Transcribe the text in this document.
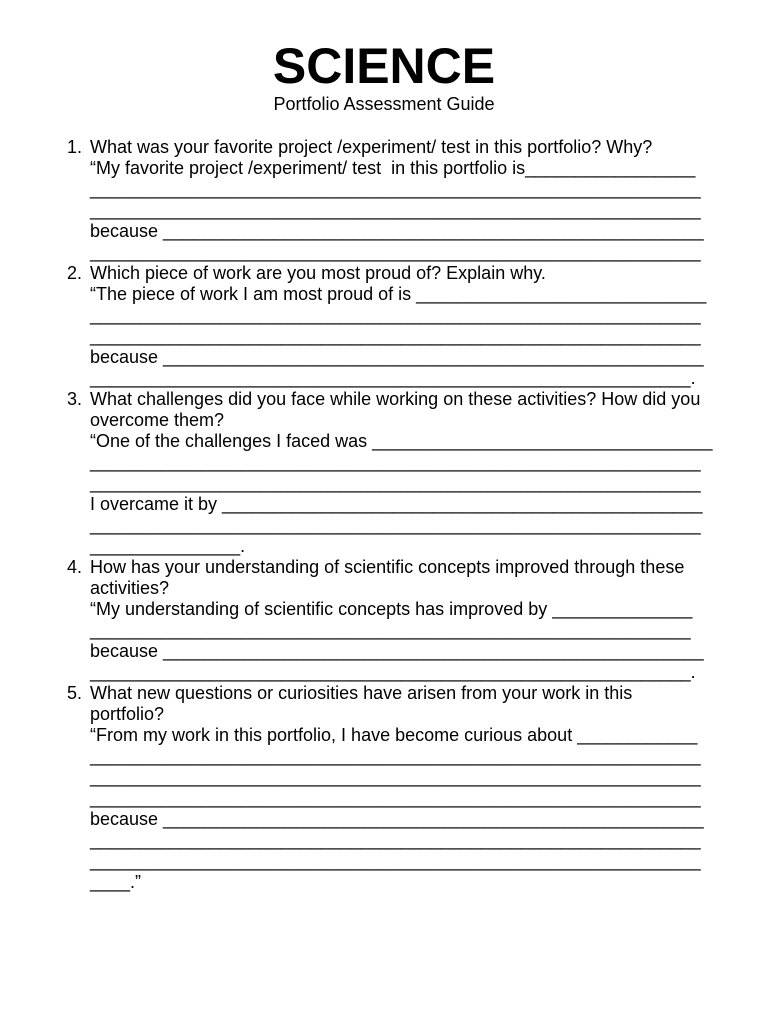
SCIENCE
Portfolio Assessment Guide
1. What was your favorite project /experiment/ test in this portfolio? Why?
“My favorite project /experiment/ test  in this portfolio is_________________
_____________________________________________________________
_____________________________________________________________
because ______________________________________________________
_____________________________________________________________
2. Which piece of work are you most proud of? Explain why.
“The piece of work I am most proud of is _____________________________
_____________________________________________________________
_____________________________________________________________
because ______________________________________________________
____________________________________________________________.
3. What challenges did you face while working on these activities? How did you
overcome them?
“One of the challenges I faced was __________________________________
_____________________________________________________________
_____________________________________________________________
I overcame it by ________________________________________________
_____________________________________________________________
_______________.
4. How has your understanding of scientific concepts improved through these
activities?
“My understanding of scientific concepts has improved by ______________
____________________________________________________________
because ______________________________________________________
____________________________________________________________.
5. What new questions or curiosities have arisen from your work in this
portfolio?
“From my work in this portfolio, I have become curious about ____________
_____________________________________________________________
_____________________________________________________________
_____________________________________________________________
because ______________________________________________________
_____________________________________________________________
_____________________________________________________________
____.”
